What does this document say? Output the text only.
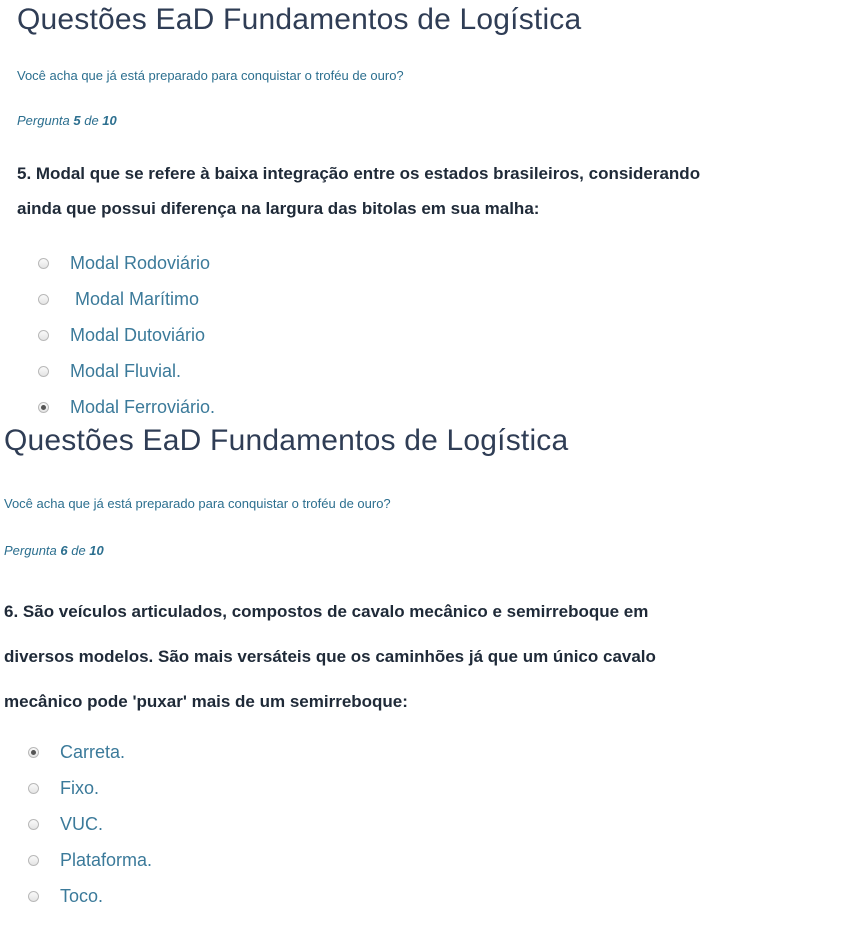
Questões EaD Fundamentos de Logística
Você acha que já está preparado para conquistar o troféu de ouro?
Pergunta 5 de 10
5. Modal que se refere à baixa integração entre os estados brasileiros, considerando
ainda que possui diferença na largura das bitolas em sua malha:
Modal Rodoviário
Modal Marítimo
Modal Dutoviário
Modal Fluvial.
Modal Ferroviário.
Questões EaD Fundamentos de Logística
Você acha que já está preparado para conquistar o troféu de ouro?
Pergunta 6 de 10
6. São veículos articulados, compostos de cavalo mecânico e semirreboque em
diversos modelos. São mais versáteis que os caminhões já que um único cavalo
mecânico pode 'puxar' mais de um semirreboque:
Carreta.
Fixo.
VUC.
Plataforma.
Toco.
